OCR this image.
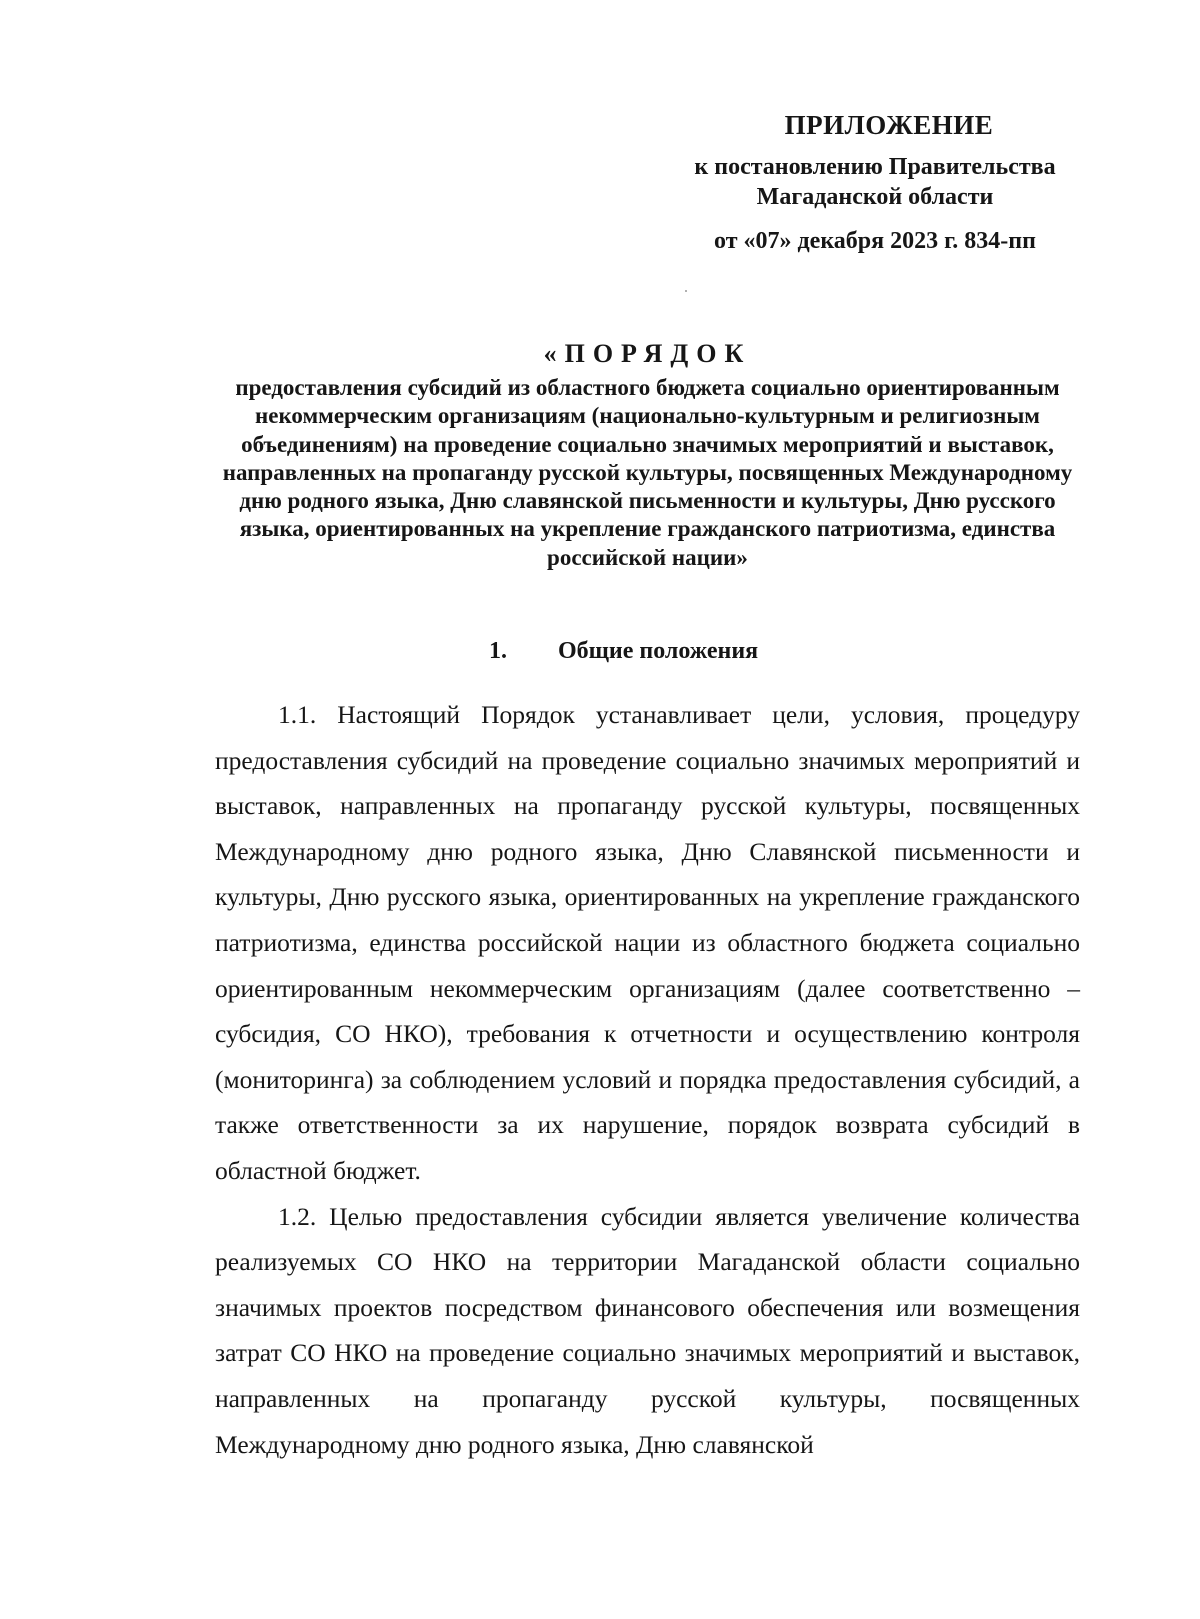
ПРИЛОЖЕНИЕ
к постановлению Правительства
Магаданской области
от «07» декабря 2023 г. 834-пп
«ПОРЯДОК
предоставления субсидий из областного бюджета социально ориентированным некоммерческим организациям (национально-культурным и религиозным объединениям) на проведение социально значимых мероприятий и выставок, направленных на пропаганду русской культуры, посвященных Международному дню родного языка, Дню славянской письменности и культуры, Дню русского языка, ориентированных на укрепление гражданского патриотизма, единства российской нации»
1. Общие положения

1.1. Настоящий Порядок устанавливает цели, условия, процедуру предоставления субсидий на проведение социально значимых мероприятий и выставок, направленных на пропаганду русской культуры, посвященных Международному дню родного языка, Дню Славянской письменности и культуры, Дню русского языка, ориентированных на укрепление гражданского патриотизма, единства российской нации из областного бюджета социально ориентированным некоммерческим организациям (далее соответственно – субсидия, СО НКО), требования к отчетности и осуществлению контроля (мониторинга) за соблюдением условий и порядка предоставления субсидий, а также ответственности за их нарушение, порядок возврата субсидий в областной бюджет.

1.2. Целью предоставления субсидии является увеличение количества реализуемых СО НКО на территории Магаданской области социально значимых проектов посредством финансового обеспечения или возмещения затрат СО НКО на проведение социально значимых мероприятий и выставок, направленных на пропаганду русской культуры, посвященных Международному дню родного языка, Дню славянской
